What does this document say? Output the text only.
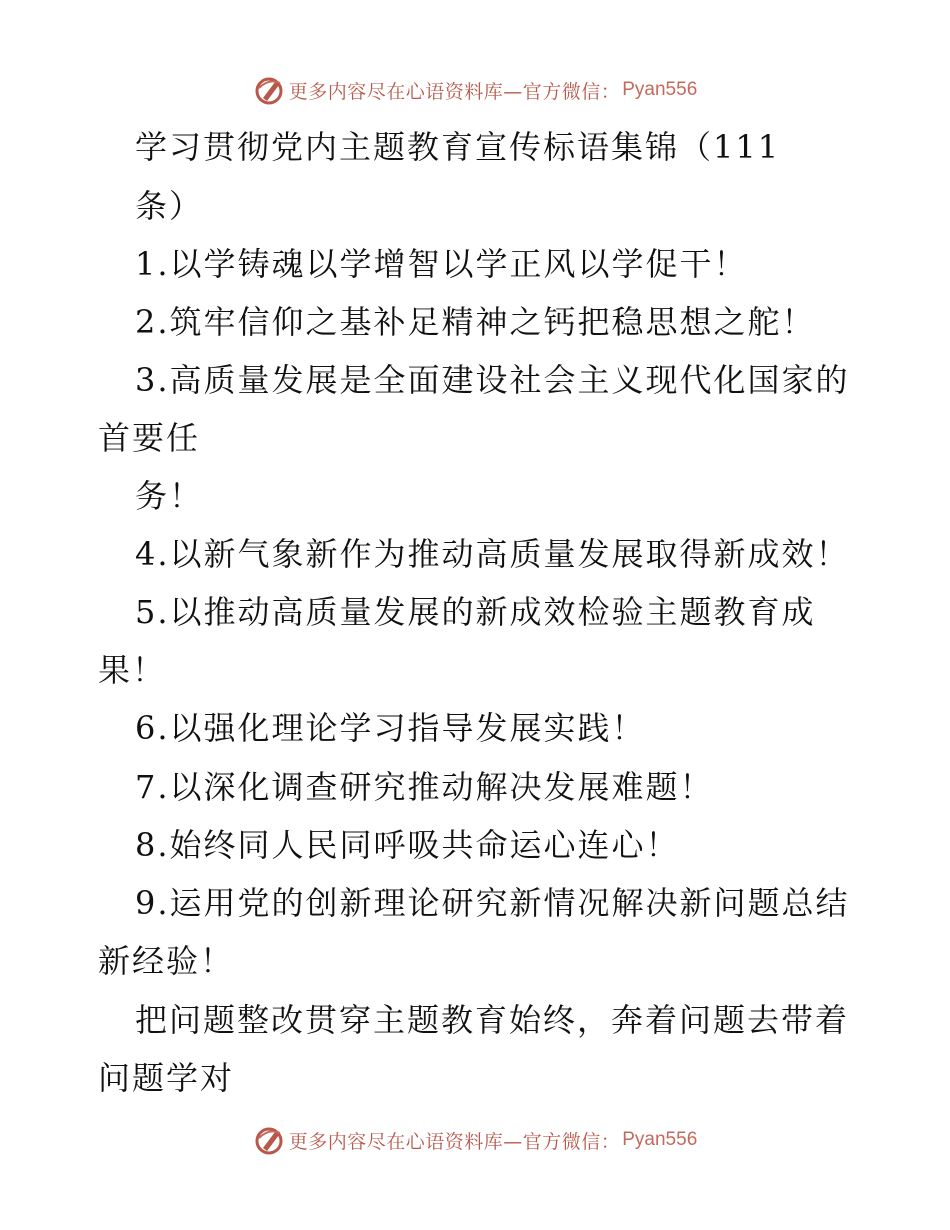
更多内容尽在心语资料库—官方微信： Pyan556
学习贯彻党内主题教育宣传标语集锦（111
条）
1.以学铸魂以学增智以学正风以学促干！
2.筑牢信仰之基补足精神之钙把稳思想之舵！
3.高质量发展是全面建设社会主义现代化国家的
首要任
务！
4.以新气象新作为推动高质量发展取得新成效！
5.以推动高质量发展的新成效检验主题教育成
果！
6.以强化理论学习指导发展实践！
7.以深化调查研究推动解决发展难题！
8.始终同人民同呼吸共命运心连心！
9.运用党的创新理论研究新情况解决新问题总结
新经验！
把问题整改贯穿主题教育始终，奔着问题去带着
问题学对
更多内容尽在心语资料库—官方微信： Pyan556
